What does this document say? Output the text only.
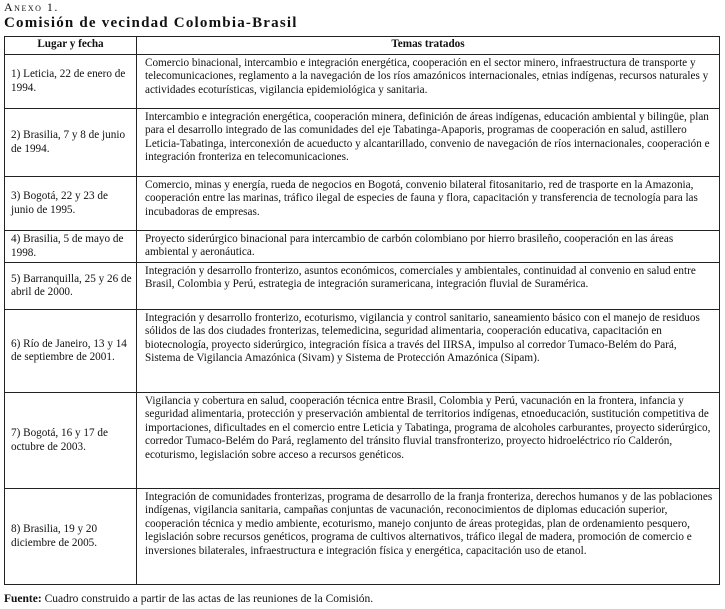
Anexo 1.
Comisión de vecindad Colombia-Brasil
Lugar y fecha	Temas tratados
1) Leticia, 22 de enero de 1994.	Comercio binacional, intercambio e integración energética, cooperación en el sector minero, infraestructura de transporte y telecomunicaciones, reglamento a la navegación de los ríos amazónicos internacionales, etnias indígenas, recursos naturales y actividades ecoturísticas, vigilancia epidemiológica y sanitaria.
2) Brasilia, 7 y 8 de junio de 1994.	Intercambio e integración energética, cooperación minera, definición de áreas indígenas, educación ambiental y bilingüe, plan para el desarrollo integrado de las comunidades del eje Tabatinga-Apaporis, programas de cooperación en salud, astillero Leticia-Tabatinga, interconexión de acueducto y alcantarillado, convenio de navegación de ríos internacionales, cooperación e integración fronteriza en telecomunicaciones.
3) Bogotá, 22 y 23 de junio de 1995.	Comercio, minas y energía, rueda de negocios en Bogotá, convenio bilateral fitosanitario, red de trasporte en la Amazonia, cooperación entre las marinas, tráfico ilegal de especies de fauna y flora, capacitación y transferencia de tecnología para las incubadoras de empresas.
4) Brasilia, 5 de mayo de 1998.	Proyecto siderúrgico binacional para intercambio de carbón colombiano por hierro brasileño, cooperación en las áreas ambiental y aeronáutica.
5) Barranquilla, 25 y 26 de abril de 2000.	Integración y desarrollo fronterizo, asuntos económicos, comerciales y ambientales, continuidad al convenio en salud entre Brasil, Colombia y Perú, estrategia de integración suramericana, integración fluvial de Suramérica.
6) Río de Janeiro, 13 y 14 de septiembre de 2001.	Integración y desarrollo fronterizo, ecoturismo, vigilancia y control sanitario, saneamiento básico con el manejo de residuos sólidos de las dos ciudades fronterizas, telemedicina, seguridad alimentaria, cooperación educativa, capacitación en biotecnología, proyecto siderúrgico, integración física a través del IIRSA, impulso al corredor Tumaco-Belém do Pará, Sistema de Vigilancia Amazónica (Sivam) y Sistema de Protección Amazónica (Sipam).
7) Bogotá, 16 y 17 de octubre de 2003.	Vigilancia y cobertura en salud, cooperación técnica entre Brasil, Colombia y Perú, vacunación en la frontera, infancia y seguridad alimentaria, protección y preservación ambiental de territorios indígenas, etnoeducación, sustitución competitiva de importaciones, dificultades en el comercio entre Leticia y Tabatinga, programa de alcoholes carburantes, proyecto siderúrgico, corredor Tumaco-Belém do Pará, reglamento del tránsito fluvial transfronterizo, proyecto hidroeléctrico río Calderón, ecoturismo, legislación sobre acceso a recursos genéticos.
8) Brasilia, 19 y 20 diciembre de 2005.	Integración de comunidades fronterizas, programa de desarrollo de la franja fronteriza, derechos humanos y de las poblaciones indígenas, vigilancia sanitaria, campañas conjuntas de vacunación, reconocimientos de diplomas educación superior, cooperación técnica y medio ambiente, ecoturismo, manejo conjunto de áreas protegidas, plan de ordenamiento pesquero, legislación sobre recursos genéticos, programa de cultivos alternativos, tráfico ilegal de madera, promoción de comercio e inversiones bilaterales, infraestructura e integración física y energética, capacitación uso de etanol.
Fuente: Cuadro construido a partir de las actas de las reuniones de la Comisión.
